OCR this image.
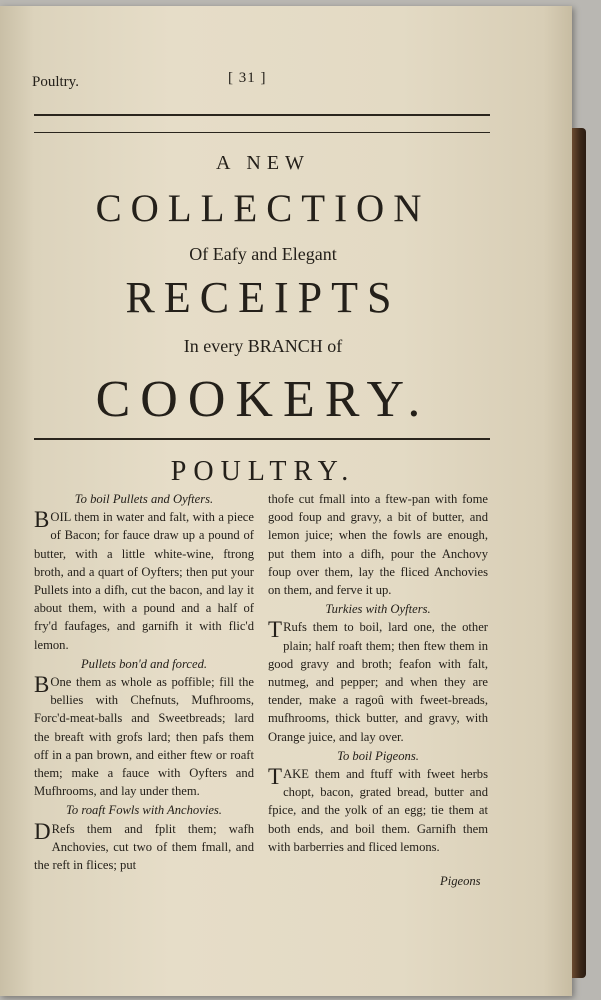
Poultry.	[ 31 ]
A NEW
COLLECTION
Of Eafy and Elegant
RECEIPTS
In every BRANCH of
COOKERY.
POULTRY.

To boil Pullets and Oyfters.

BOIL them in water and falt, with a piece of Bacon; for fauce draw up a pound of butter, with a little white-wine, ftrong broth, and a quart of Oyfters; then put your Pullets into a difh, cut the bacon, and lay it about them, with a pound and a half of fry'd faufages, and garnifh it with flic'd lemon.

Pullets bon'd and forced.

BOne them as whole as poffible; fill the bellies with Chefnuts, Mufhrooms, Forc'd-meat-balls and Sweetbreads; lard the breaft with grofs lard; then pafs them off in a pan brown, and either ftew or roaft them; make a fauce with Oyfters and Mufhrooms, and lay under them.

To roaft Fowls with Anchovies.

DRefs them and fplit them; wafh Anchovies, cut two of them fmall, and the reft in flices; put

thofe cut fmall into a ftew-pan with fome good foup and gravy, a bit of butter, and lemon juice; when the fowls are enough, put them into a difh, pour the Anchovy foup over them, lay the fliced Anchovies on them, and ferve it up.

Turkies with Oyfters.

TRufs them to boil, lard one, the other plain; half roaft them; then ftew them in good gravy and broth; feafon with falt, nutmeg, and pepper; and when they are tender, make a ragoû with fweet-breads, mufhrooms, thick butter, and gravy, with Orange juice, and lay over.

To boil Pigeons.

TAKE them and ftuff with fweet herbs chopt, bacon, grated bread, butter and fpice, and the yolk of an egg; tie them at both ends, and boil them. Garnifh them with barberries and fliced lemons.

Pigeons
